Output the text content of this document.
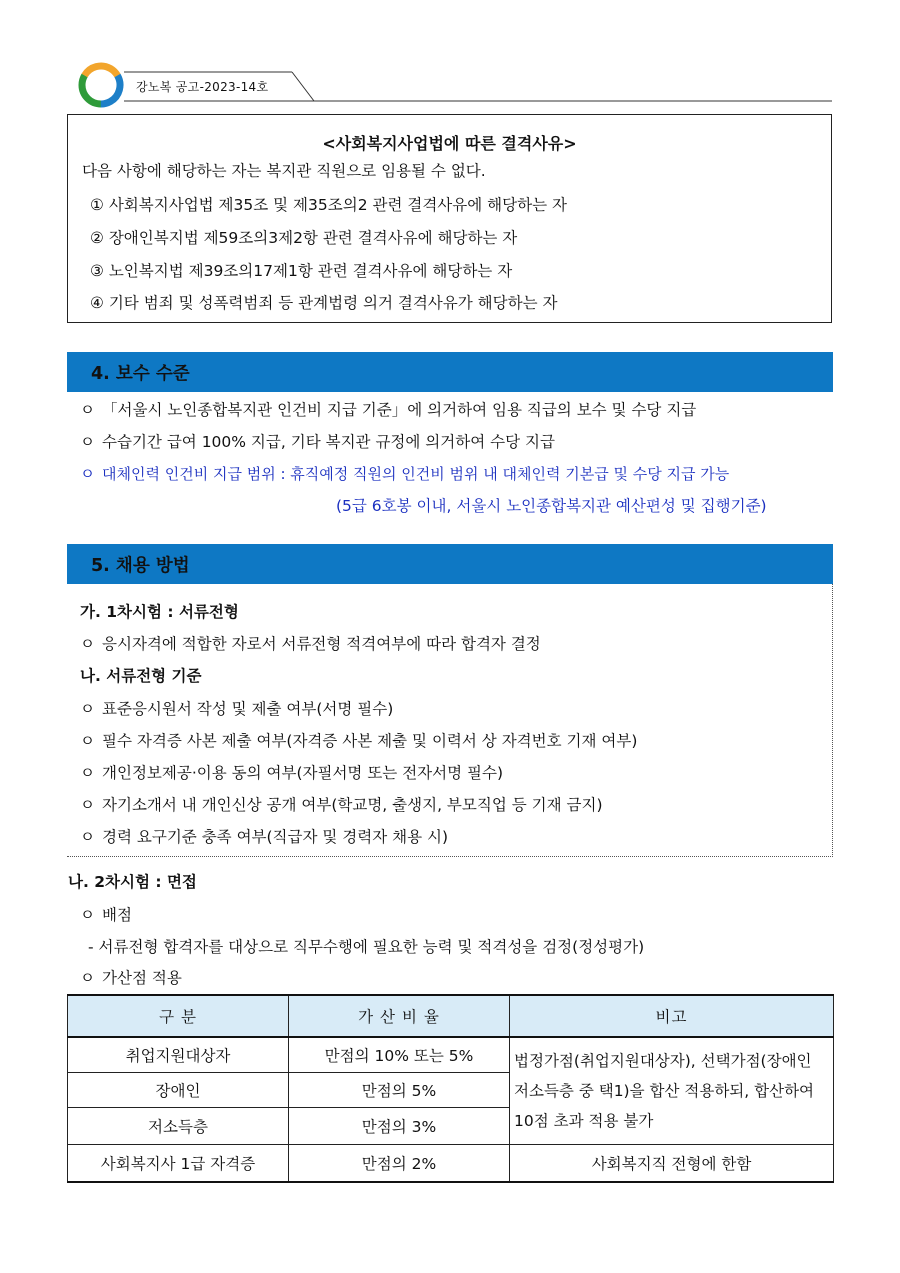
강노복 공고-2023-14호
<사회복지사업법에 따른 결격사유>
다음 사항에 해당하는 자는 복지관 직원으로 임용될 수 없다.
① 사회복지사업법 제35조 및 제35조의2 관련 결격사유에 해당하는 자
② 장애인복지법 제59조의3제2항 관련 결격사유에 해당하는 자
③ 노인복지법 제39조의17제1항 관련 결격사유에 해당하는 자
④ 기타 범죄 및 성폭력범죄 등 관계법령 의거 결격사유가 해당하는 자
4. 보수 수준
ㅇ 「서울시 노인종합복지관 인건비 지급 기준」에 의거하여 임용 직급의 보수 및 수당 지급
ㅇ 수습기간 급여 100% 지급, 기타 복지관 규정에 의거하여 수당 지급
ㅇ 대체인력 인건비 지급 범위 : 휴직예정 직원의 인건비 범위 내 대체인력 기본급 및 수당 지급 가능
(5급 6호봉 이내, 서울시 노인종합복지관 예산편성 및 집행기준)
5. 채용 방법
가. 1차시험 : 서류전형
ㅇ 응시자격에 적합한 자로서 서류전형 적격여부에 따라 합격자 결정
나. 서류전형 기준
ㅇ 표준응시원서 작성 및 제출 여부(서명 필수)
ㅇ 필수 자격증 사본 제출 여부(자격증 사본 제출 및 이력서 상 자격번호 기재 여부)
ㅇ 개인정보제공·이용 동의 여부(자필서명 또는 전자서명 필수)
ㅇ 자기소개서 내 개인신상 공개 여부(학교명, 출생지, 부모직업 등 기재 금지)
ㅇ 경력 요구기준 충족 여부(직급자 및 경력자 채용 시)
나. 2차시험 : 면접
ㅇ 배점
- 서류전형 합격자를 대상으로 직무수행에 필요한 능력 및 적격성을 검정(정성평가)
ㅇ 가산점 적용
구 분	가 산 비 율	비고
취업지원대상자	만점의 10% 또는 5%	법정가점(취업지원대상자), 선택가점(장애인 저소득층 중 택1)을 합산 적용하되, 합산하여 10점 초과 적용 불가
장애인	만점의 5%	
저소득층	만점의 3%	
사회복지사 1급 자격증	만점의 2%	사회복지직 전형에 한함
